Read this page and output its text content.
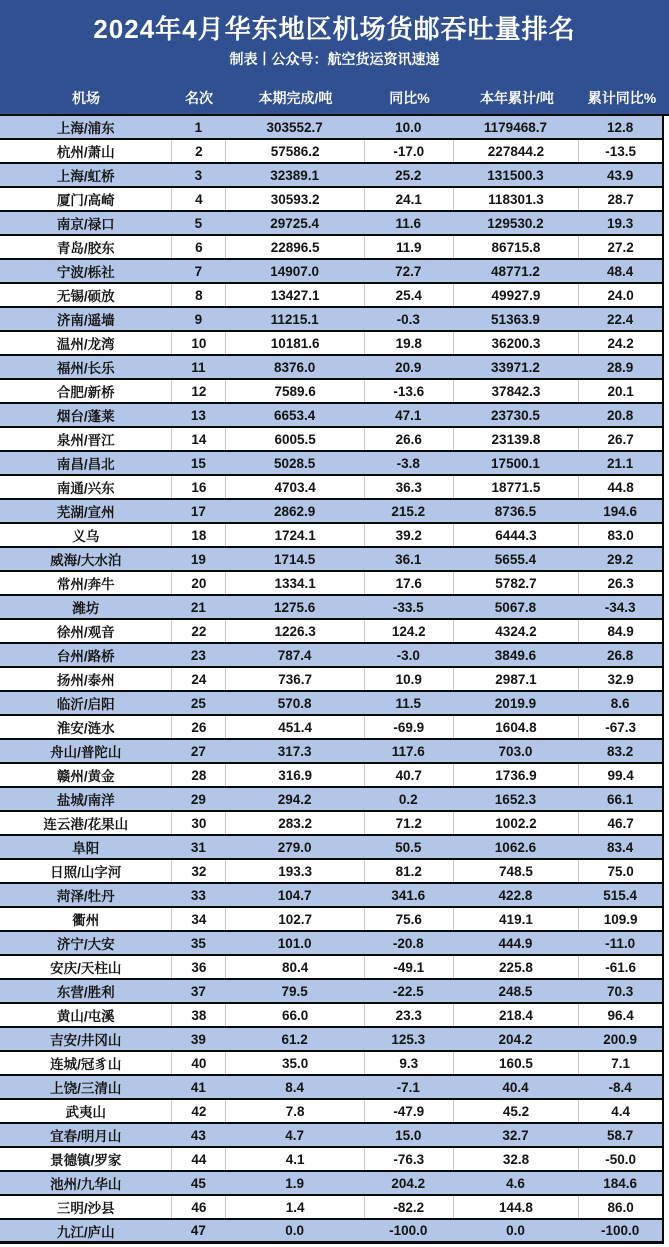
2024年4月华东地区机场货邮吞吐量排名
制表丨公众号：航空货运资讯速递
机场	名次	本期完成/吨	同比%	本年累计/吨	累计同比%
上海/浦东	1	303552.7	10.0	1179468.7	12.8
杭州/萧山	2	57586.2	-17.0	227844.2	-13.5
上海/虹桥	3	32389.1	25.2	131500.3	43.9
厦门/高崎	4	30593.2	24.1	118301.3	28.7
南京/禄口	5	29725.4	11.6	129530.2	19.3
青岛/胶东	6	22896.5	11.9	86715.8	27.2
宁波/栎社	7	14907.0	72.7	48771.2	48.4
无锡/硕放	8	13427.1	25.4	49927.9	24.0
济南/遥墙	9	11215.1	-0.3	51363.9	22.4
温州/龙湾	10	10181.6	19.8	36200.3	24.2
福州/长乐	11	8376.0	20.9	33971.2	28.9
合肥/新桥	12	7589.6	-13.6	37842.3	20.1
烟台/蓬莱	13	6653.4	47.1	23730.5	20.8
泉州/晋江	14	6005.5	26.6	23139.8	26.7
南昌/昌北	15	5028.5	-3.8	17500.1	21.1
南通/兴东	16	4703.4	36.3	18771.5	44.8
芜湖/宣州	17	2862.9	215.2	8736.5	194.6
义乌	18	1724.1	39.2	6444.3	83.0
威海/大水泊	19	1714.5	36.1	5655.4	29.2
常州/奔牛	20	1334.1	17.6	5782.7	26.3
潍坊	21	1275.6	-33.5	5067.8	-34.3
徐州/观音	22	1226.3	124.2	4324.2	84.9
台州/路桥	23	787.4	-3.0	3849.6	26.8
扬州/泰州	24	736.7	10.9	2987.1	32.9
临沂/启阳	25	570.8	11.5	2019.9	8.6
淮安/涟水	26	451.4	-69.9	1604.8	-67.3
舟山/普陀山	27	317.3	117.6	703.0	83.2
赣州/黄金	28	316.9	40.7	1736.9	99.4
盐城/南洋	29	294.2	0.2	1652.3	66.1
连云港/花果山	30	283.2	71.2	1002.2	46.7
阜阳	31	279.0	50.5	1062.6	83.4
日照/山字河	32	193.3	81.2	748.5	75.0
菏泽/牡丹	33	104.7	341.6	422.8	515.4
衢州	34	102.7	75.6	419.1	109.9
济宁/大安	35	101.0	-20.8	444.9	-11.0
安庆/天柱山	36	80.4	-49.1	225.8	-61.6
东营/胜利	37	79.5	-22.5	248.5	70.3
黄山/屯溪	38	66.0	23.3	218.4	96.4
吉安/井冈山	39	61.2	125.3	204.2	200.9
连城/冠豸山	40	35.0	9.3	160.5	7.1
上饶/三清山	41	8.4	-7.1	40.4	-8.4
武夷山	42	7.8	-47.9	45.2	4.4
宜春/明月山	43	4.7	15.0	32.7	58.7
景德镇/罗家	44	4.1	-76.3	32.8	-50.0
池州/九华山	45	1.9	204.2	4.6	184.6
三明/沙县	46	1.4	-82.2	144.8	86.0
九江/庐山	47	0.0	-100.0	0.0	-100.0
